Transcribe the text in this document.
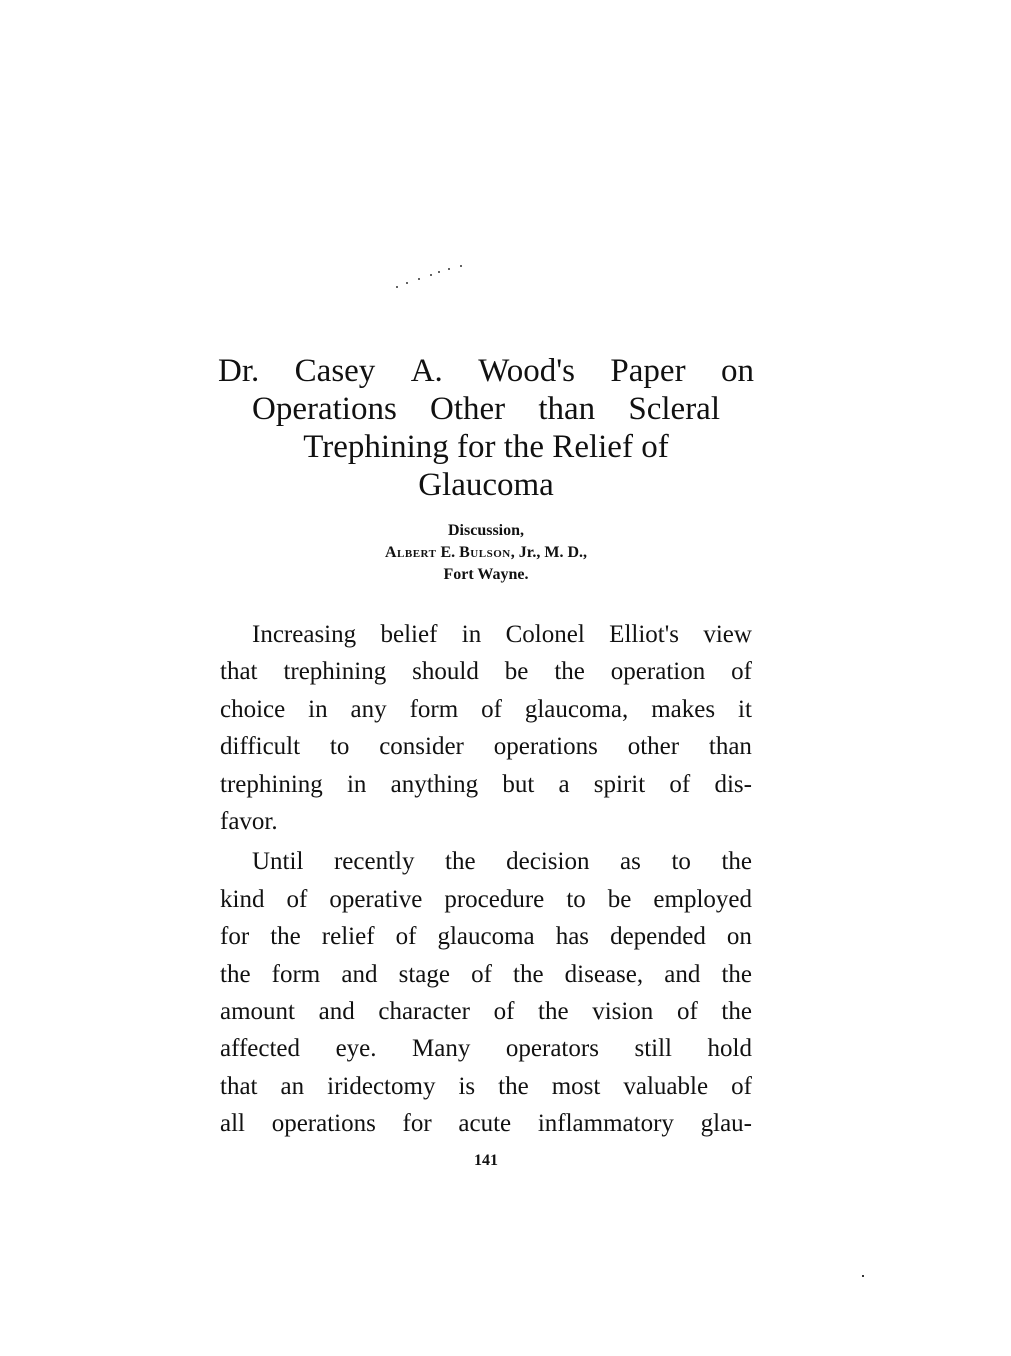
Dr. Casey A. Wood's Paper on
Operations Other than Scleral
Trephining for the Relief of
Glaucoma
Discussion,
Albert E. Bulson, Jr., M. D.,
Fort Wayne.
Increasing belief in Colonel Elliot's view
that trephining should be the operation of
choice in any form of glaucoma, makes it
difficult to consider operations other than
trephining in anything but a spirit of dis-
favor.
Until recently the decision as to the
kind of operative procedure to be employed
for the relief of glaucoma has depended on
the form and stage of the disease, and the
amount and character of the vision of the
affected eye. Many operators still hold
that an iridectomy is the most valuable of
all operations for acute inflammatory glau-
141
